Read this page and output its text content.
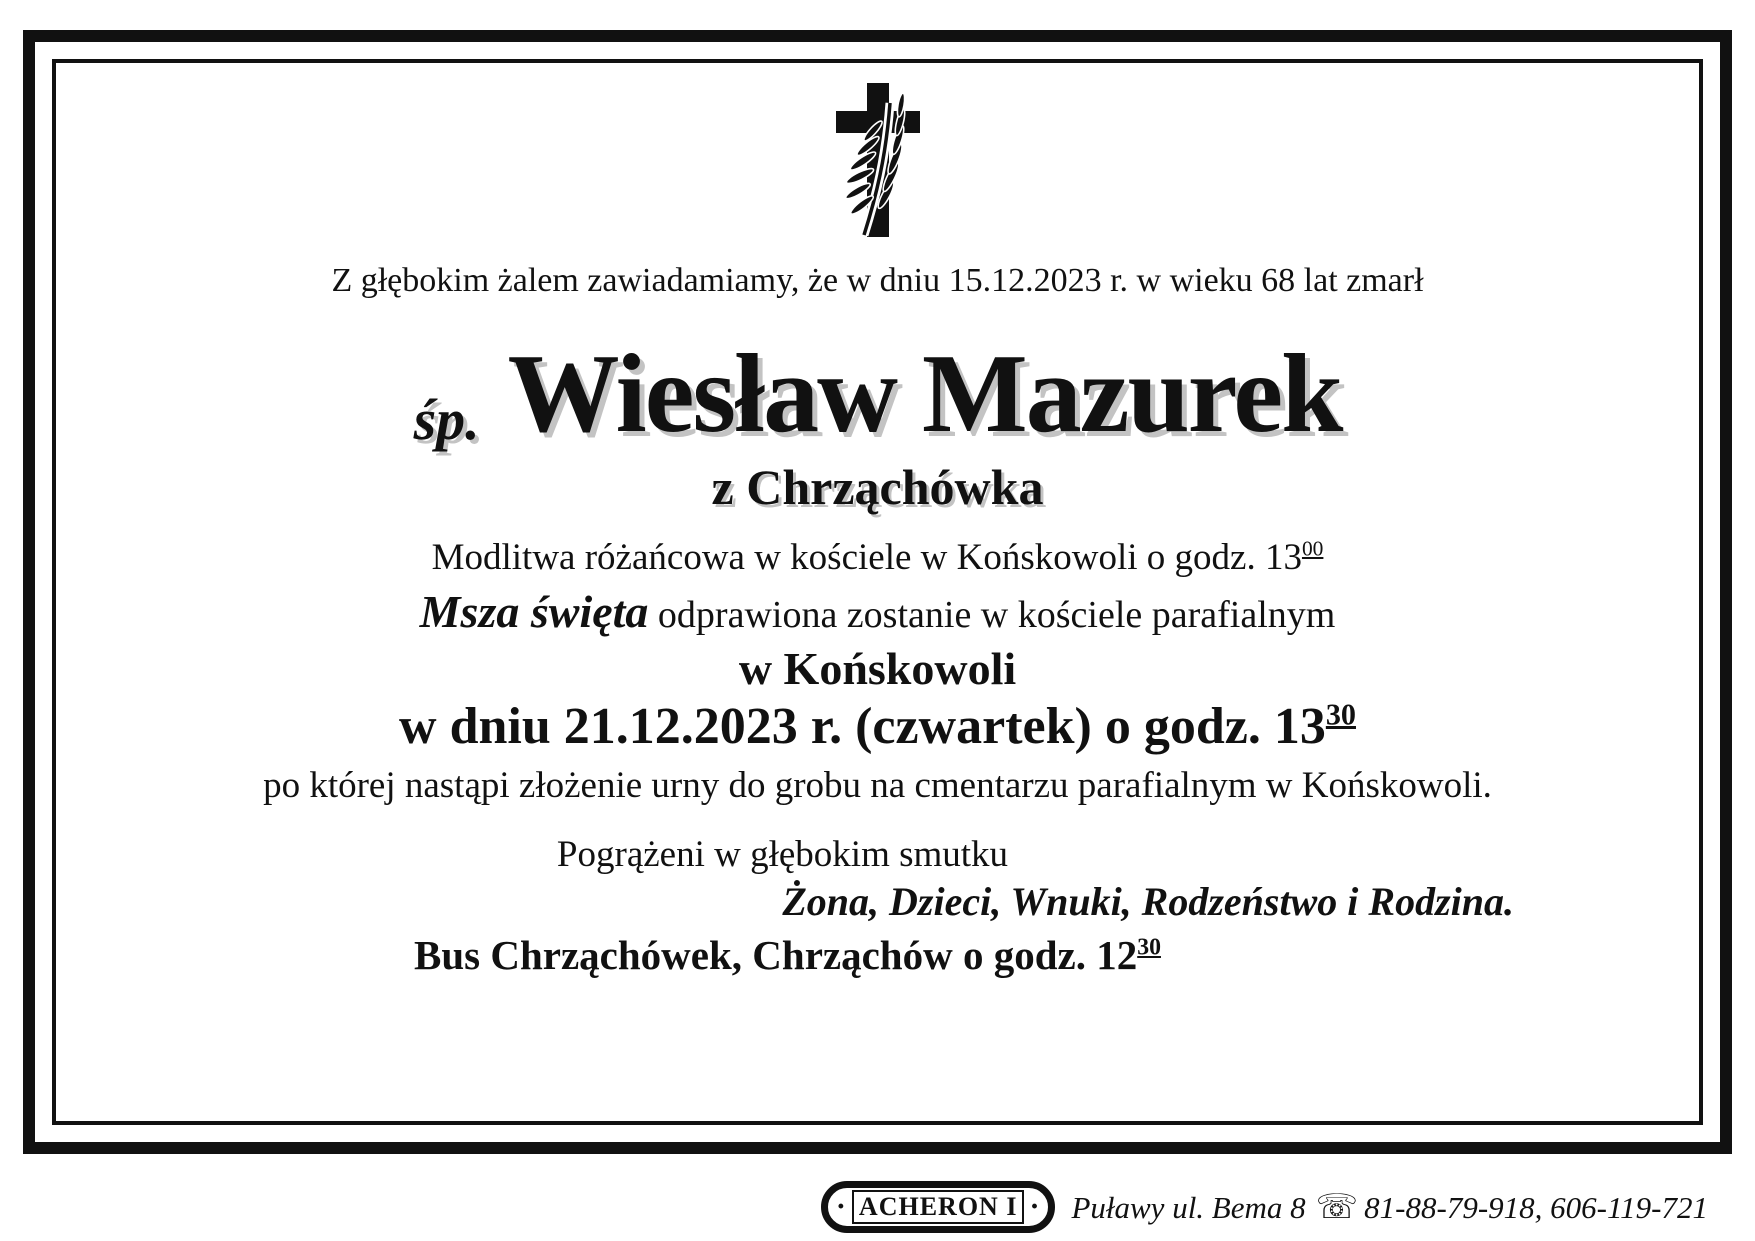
Z głębokim żalem zawiadamiamy, że w dniu 15.12.2023 r. w wieku 68 lat zmarł
śp. Wiesław Mazurek
z Chrząchówka
Modlitwa różańcowa w kościele w Końskowoli o godz. $13^{00}$
Msza święta odprawiona zostanie w kościele parafialnym
w Końskowoli
w dniu 21.12.2023 r. (czwartek) o godz. $13^{30}$
po której nastąpi złożenie urny do grobu na cmentarzu parafialnym w Końskowoli.
Pogrążeni w głębokim smutku
Żona, Dzieci, Wnuki, Rodzeństwo i Rodzina.
Bus Chrząchówek, Chrząchów o godz. $12^{30}$
· ACHERON I · Puławy ul. Bema 8 ☏ 81-88-79-918, 606-119-721
